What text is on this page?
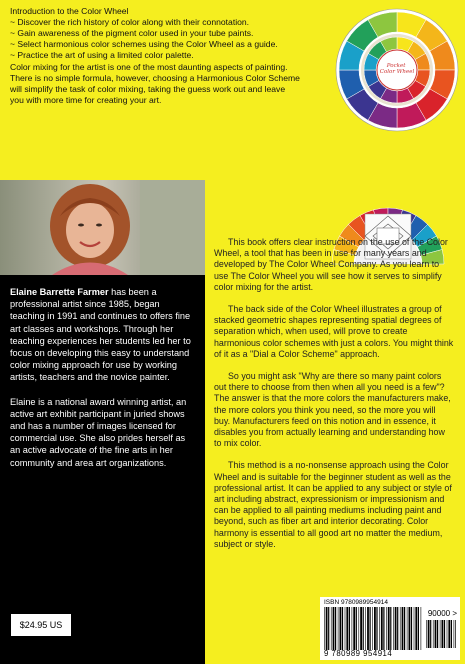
Introduction to the Color Wheel
~ Discover the rich history of color along with their connotation.
~ Gain awareness of the pigment color used in your tube paints.
~ Select harmonious color schemes using the Color Wheel as a guide.
~ Practice the art of using a limited color palette.
Color mixing for the artist is one of the most daunting aspects of painting.
There is no simple formula, however, choosing a Harmonious Color Scheme
will simplify the task of color mixing, taking the guess work out and leave
you with more time for creating your art.
Pocket Color Wheel

Elaine Barrette Farmer has been a professional artist since 1985, began teaching in 1991 and continues to offers fine art classes and workshops. Through her teaching experiences her students led her to focus on developing this easy to understand color mixing approach for use by working artists, teachers and the novice painter.

Elaine is a national award winning artist, an active art exhibit participant in juried shows and has a number of images licensed for commercial use. She also prides herself as an active advocate of the fine arts in her community and area art organizations.

$24.95 US

This book offers clear instruction on the use of the Color Wheel, a tool that has been in use for many years and developed by The Color Wheel Company. As you learn to use The Color Wheel you will see how it serves to simplify color mixing for the artist.

The back side of the Color Wheel illustrates a group of stacked geometric shapes representing spatial degrees of separation which, when used, will prove to create harmonious color schemes with just a colors. You might think of it as a "Dial a Color Scheme" approach.

So you might ask "Why are there so many paint colors out there to choose from then when all you need is a few"? The answer is that the more colors the manufacturers make, the more colors you think you need, so the more you will buy. Manufacturers feed on this notion and in essence, it disables you from actually learning and understanding how to mix color.

This method is a no-nonsense approach using the Color Wheel and is suitable for the beginner student as well as the professional artist. It can be applied to any subject or style of art including abstract, expressionism or impressionism and can be applied to all painting mediums including paint and beyond, such as fiber art and interior decorating. Color harmony is essential to all good art no matter the medium, subject or style.

ISBN 9780989954914
90000 >
9 780989 954914
